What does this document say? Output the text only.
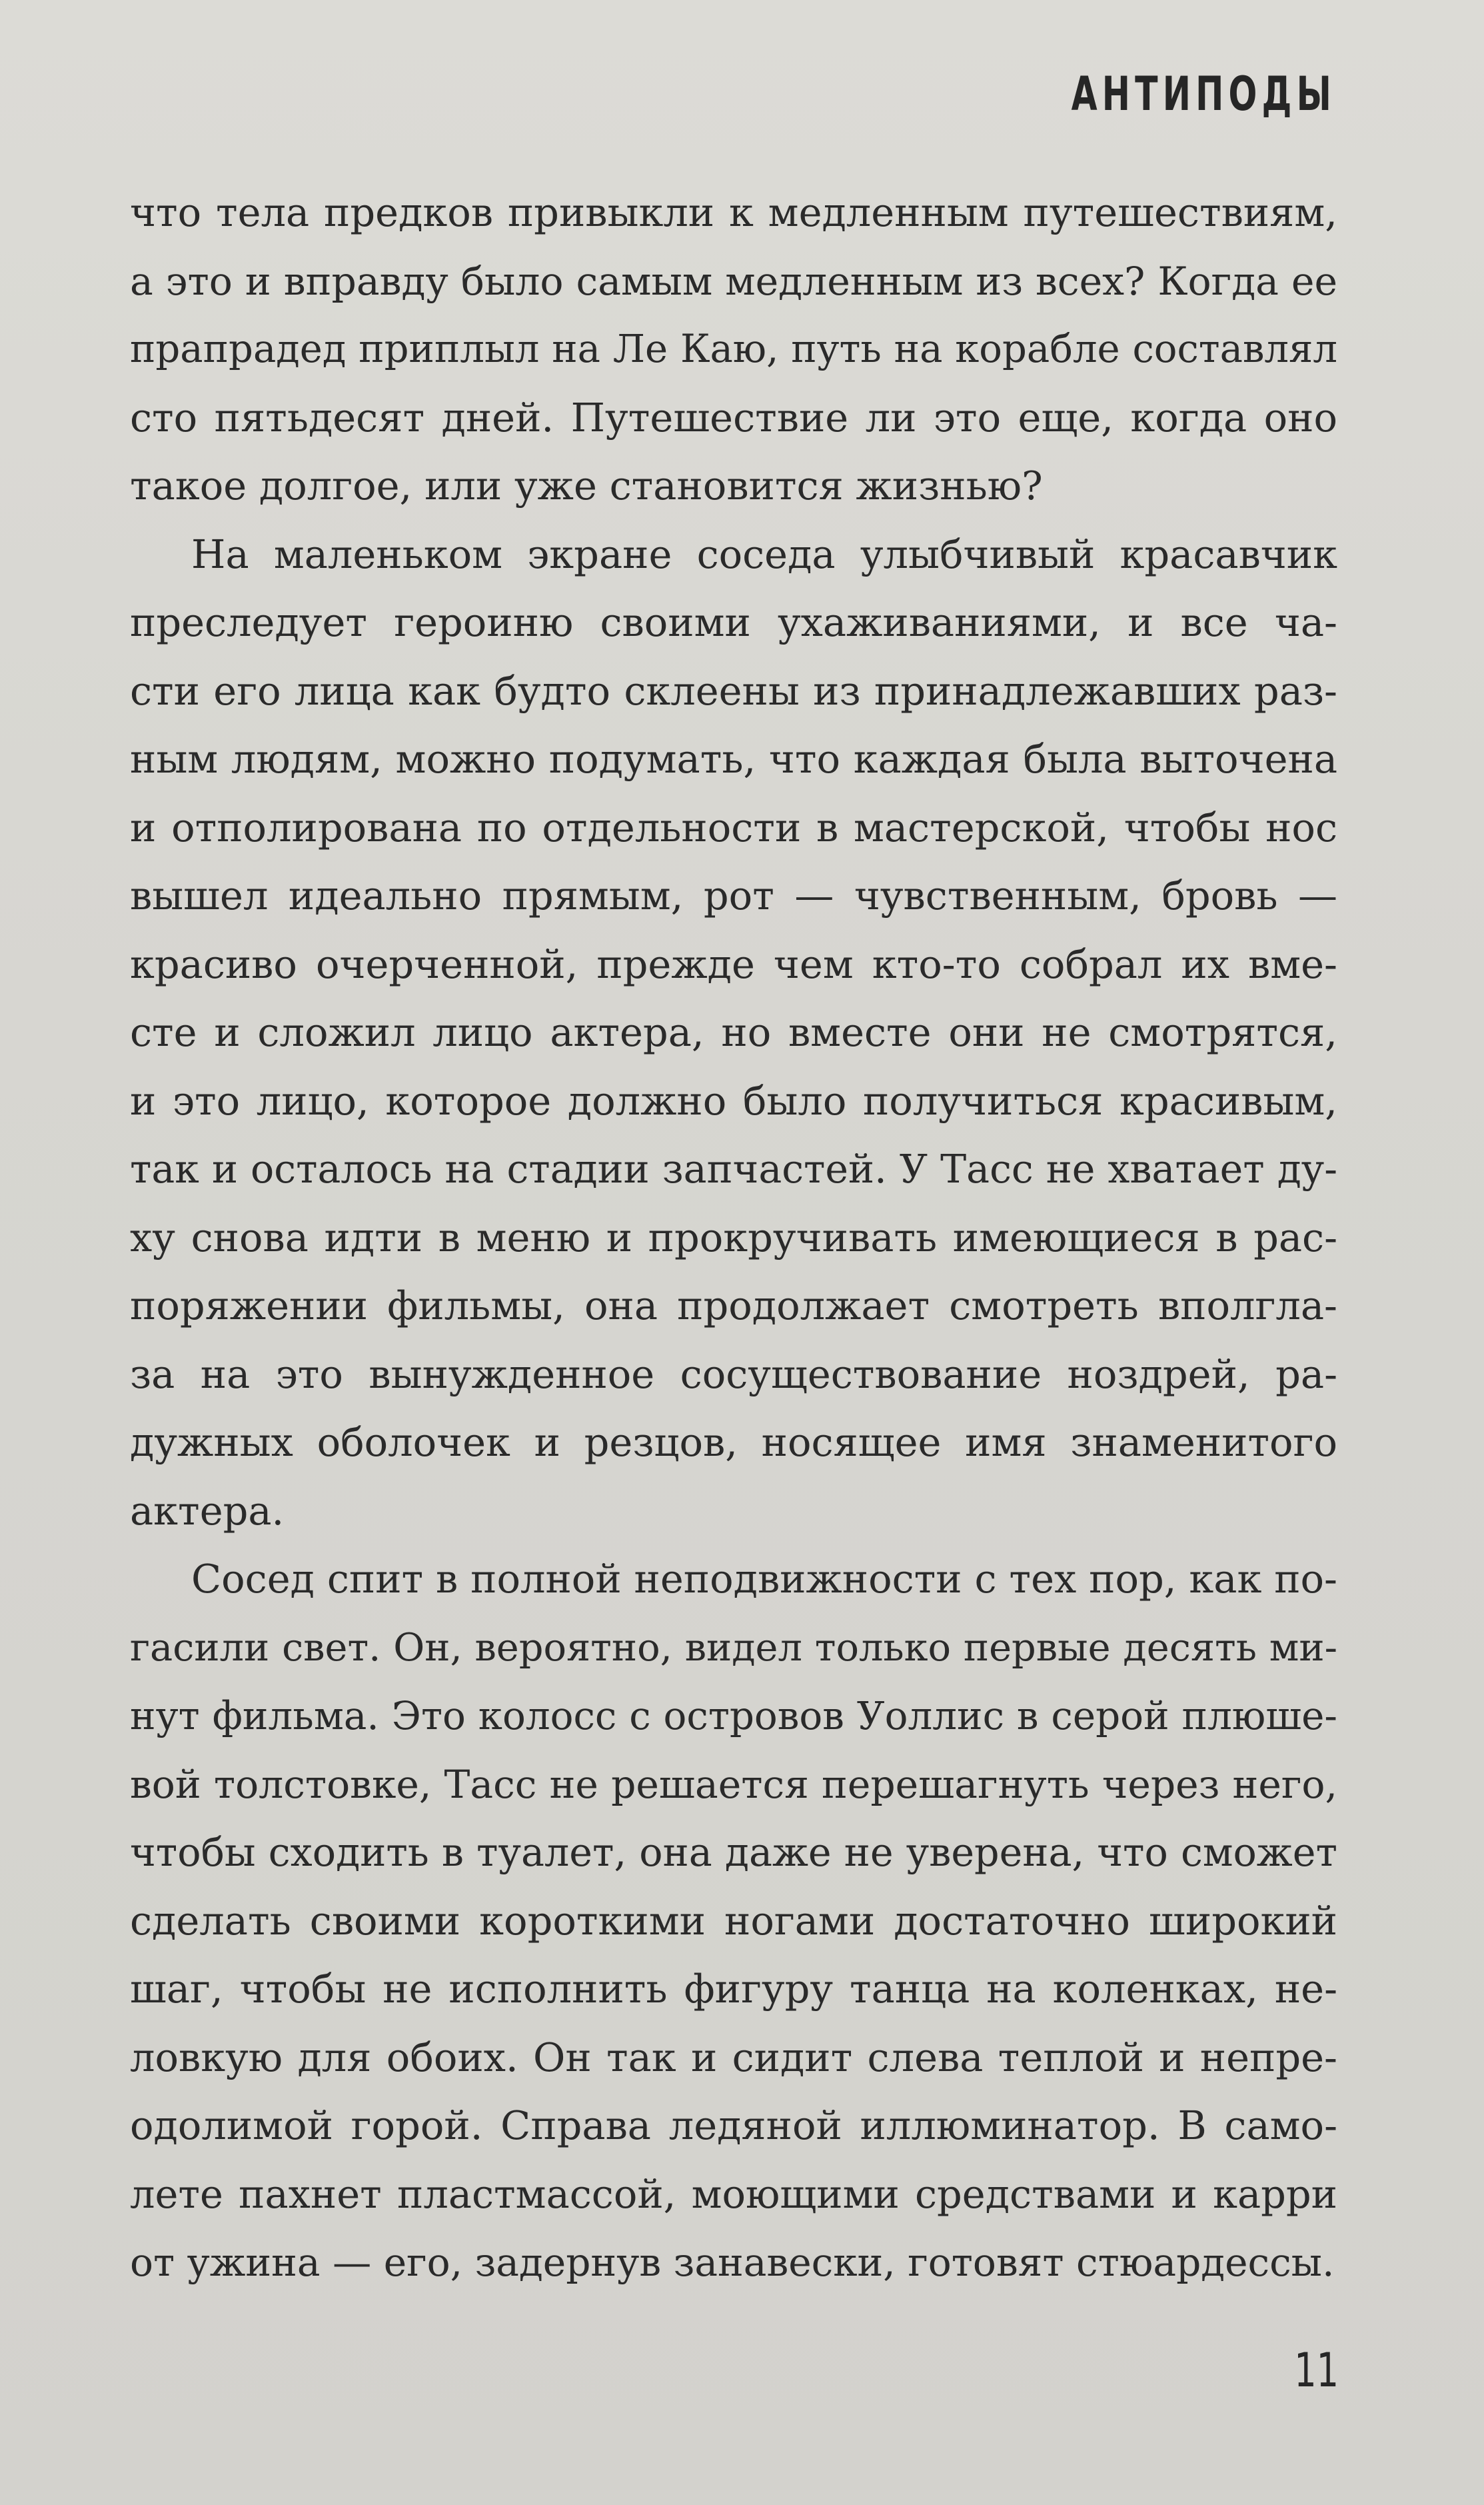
АНТИПОДЫ
что тела предков привыкли к медленным путешествиям,
а это и вправду было самым медленным из всех? Когда ее
прапрадед приплыл на Ле Каю, путь на корабле составлял
сто пятьдесят дней. Путешествие ли это еще, когда оно
такое долгое, или уже становится жизнью?
На маленьком экране соседа улыбчивый красавчик
преследует героиню своими ухаживаниями, и все ча-
сти его лица как будто склеены из принадлежавших раз-
ным людям, можно подумать, что каждая была выточена
и отполирована по отдельности в мастерской, чтобы нос
вышел идеально прямым, рот — чувственным, бровь —
красиво очерченной, прежде чем кто-то собрал их вме-
сте и сложил лицо актера, но вместе они не смотрятся,
и это лицо, которое должно было получиться красивым,
так и осталось на стадии запчастей. У Тасс не хватает ду-
ху снова идти в меню и прокручивать имеющиеся в рас-
поряжении фильмы, она продолжает смотреть вполгла-
за на это вынужденное сосуществование ноздрей, ра-
дужных оболочек и резцов, носящее имя знаменитого
актера.
Сосед спит в полной неподвижности с тех пор, как по-
гасили свет. Он, вероятно, видел только первые десять ми-
нут фильма. Это колосс с островов Уоллис в серой плюше-
вой толстовке, Тасс не решается перешагнуть через него,
чтобы сходить в туалет, она даже не уверена, что сможет
сделать своими короткими ногами достаточно широкий
шаг, чтобы не исполнить фигуру танца на коленках, не-
ловкую для обоих. Он так и сидит слева теплой и непре-
одолимой горой. Справа ледяной иллюминатор. В само-
лете пахнет пластмассой, моющими средствами и карри
от ужина — его, задернув занавески, готовят стюардессы.
11
